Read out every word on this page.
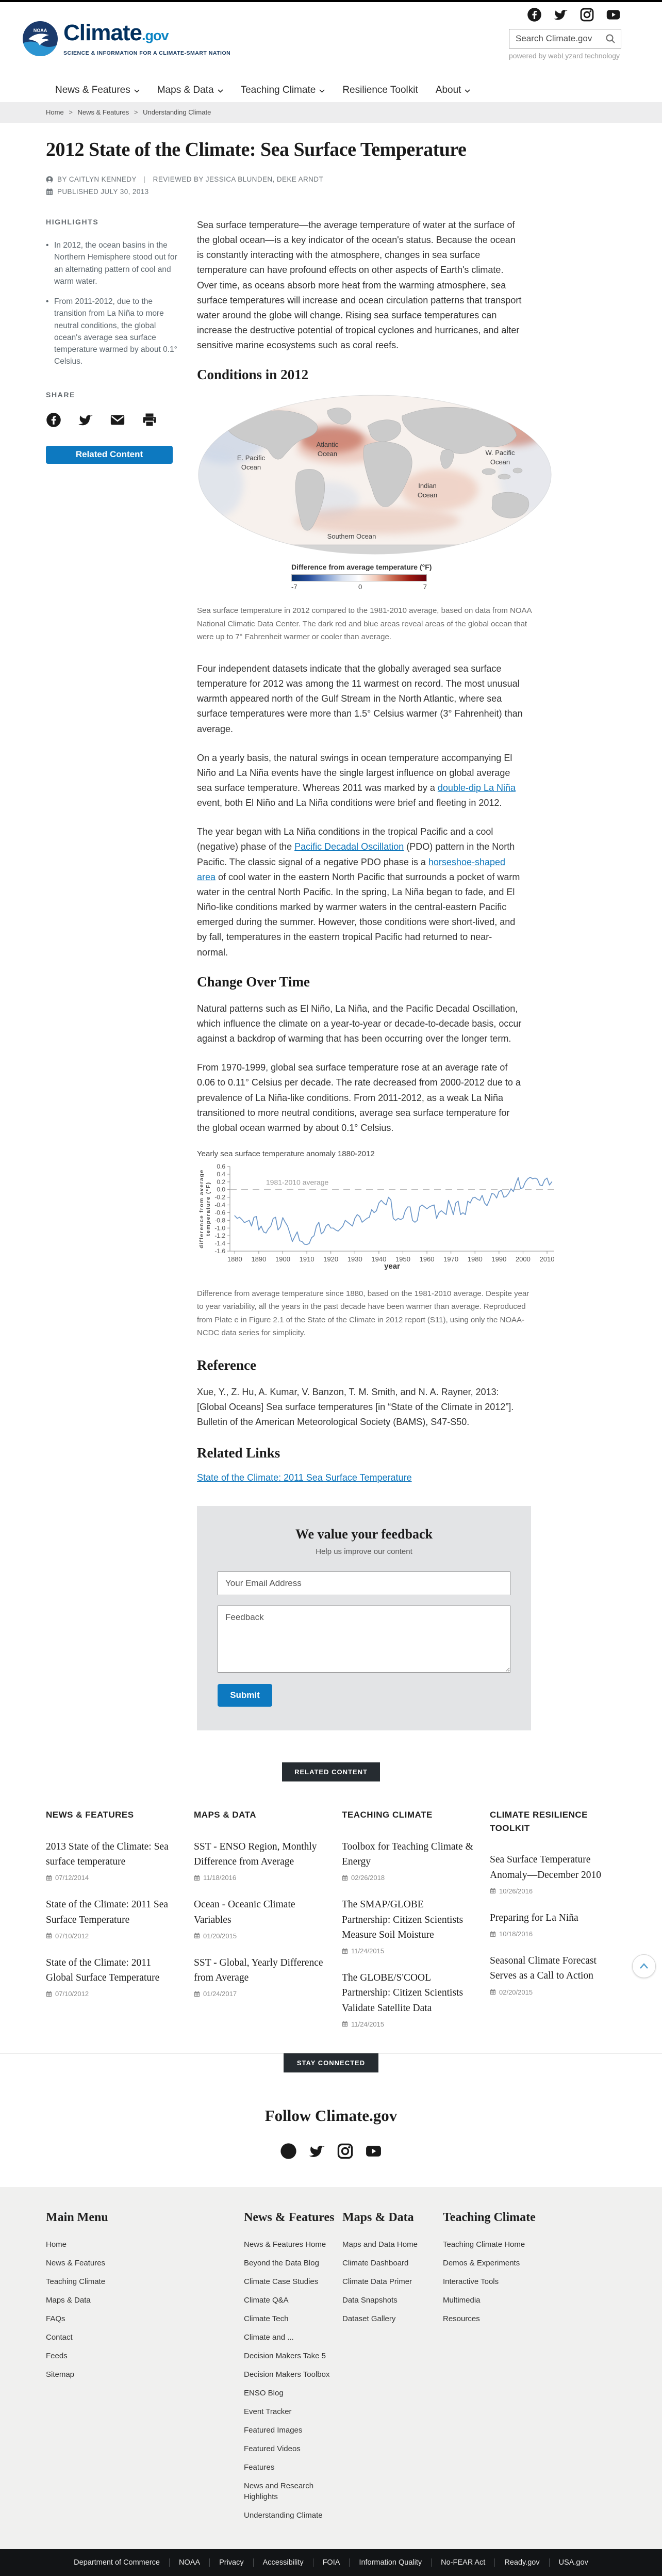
NOAA Climate.gov
SCIENCE & INFORMATION FOR A CLIMATE-SMART NATION
Search Climate.gov	powered by webLyzard technology
News & Features	Maps & Data	Teaching Climate	Resilience Toolkit About
Home > News & Features > Understanding Climate
2012 State of the Climate: Sea Surface Temperature
BY CAITLYN KENNEDY | REVIEWED BY JESSICA BLUNDEN, DEKE ARNDT
PUBLISHED JULY 30, 2013
HIGHLIGHTS
• In 2012, the ocean basins in the Northern Hemisphere stood out for an alternating pattern of cool and warm water.
• From 2011-2012, due to the transition from La Niña to more neutral conditions, the global ocean's average sea surface temperature warmed by about 0.1° Celsius.
SHARE
Related Content

Sea surface temperature—the average temperature of water at the surface of the global ocean—is a key indicator of the ocean's status. Because the ocean is constantly interacting with the atmosphere, changes in sea surface temperature can have profound effects on other aspects of Earth's climate. Over time, as oceans absorb more heat from the warming atmosphere, sea surface temperatures will increase and ocean circulation patterns that transport water around the globe will change. Rising sea surface temperatures can increase the destructive potential of tropical cyclones and hurricanes, and alter sensitive marine ecosystems such as coral reefs.

Conditions in 2012
E. Pacific
Ocean
Atlantic
Ocean	W. Pacific
Ocean
Indian
Ocean
Southern Ocean
Difference from average temperature (°F)
-7	0	7

Sea surface temperature in 2012 compared to the 1981-2010 average, based on data from NOAA National Climatic Data Center. The dark red and blue areas reveal areas of the global ocean that were up to 7° Fahrenheit warmer or cooler than average.

Four independent datasets indicate that the globally averaged sea surface temperature for 2012 was among the 11 warmest on record. The most unusual warmth appeared north of the Gulf Stream in the North Atlantic, where sea surface temperatures were more than 1.5° Celsius warmer (3° Fahrenheit) than average.

On a yearly basis, the natural swings in ocean temperature accompanying El Niño and La Niña events have the single largest influence on global average sea surface temperature. Whereas 2011 was marked by a double-dip La Niña event, both El Niño and La Niña conditions were brief and fleeting in 2012.

The year began with La Niña conditions in the tropical Pacific and a cool (negative) phase of the Pacific Decadal Oscillation (PDO) pattern in the North Pacific. The classic signal of a negative PDO phase is a horseshoe-shaped area of cool water in the eastern North Pacific that surrounds a pocket of warm water in the central North Pacific. In the spring, La Niña began to fade, and El Niño-like conditions marked by warmer waters in the central-eastern Pacific emerged during the summer. However, those conditions were short-lived, and by fall, temperatures in the eastern tropical Pacific had returned to near-normal.

Change Over Time

Natural patterns such as El Niño, La Niña, and the Pacific Decadal Oscillation, which influence the climate on a year-to-year or decade-to-decade basis, occur against a backdrop of warming that has been occurring over the longer term.

From 1970-1999, global sea surface temperature rose at an average rate of 0.06 to 0.11° Celsius per decade. The rate decreased from 2000-2012 due to a prevalence of La Niña-like conditions. From 2011-2012, as a weak La Niña transitioned to more neutral conditions, average sea surface temperature for the global ocean warmed by about 0.1° Celsius.

Yearly sea surface temperature anomaly 1880-2012
0.6
0.4
0.2
0.0
-0.2
-0.4
-0.6
-0.8
-1.0
-1.2
-1.4
-1.6
1880 1890 1900 1910 1920 1930 1940 1950 1960 1970 1980 1990 2000 2010
1981-2010 average
year
difference from average temperature (°F)

Difference from average temperature since 1880, based on the 1981-2010 average. Despite year to year variability, all the years in the past decade have been warmer than average. Reproduced from Plate e in Figure 2.1 of the State of the Climate in 2012 report (S11), using only the NOAA-NCDC data series for simplicity.

Reference

Xue, Y., Z. Hu, A. Kumar, V. Banzon, T. M. Smith, and N. A. Rayner, 2013: [Global Oceans] Sea surface temperatures [in “State of the Climate in 2012”]. Bulletin of the American Meteorological Society (BAMS), S47-S50.

Related Links
State of the Climate: 2011 Sea Surface Temperature
We value your feedback
Help us improve our content
Your Email Address
Feedback Submit
RELATED CONTENT
NEWS & FEATURES
2013 State of the Climate: Sea surface temperature
07/12/2014
State of the Climate: 2011 Sea Surface Temperature
07/10/2012
State of the Climate: 2011 Global Surface Temperature
07/10/2012
MAPS & DATA
SST - ENSO Region, Monthly Difference from Average
11/18/2016
Ocean - Oceanic Climate Variables
01/20/2015
SST - Global, Yearly Difference from Average
01/24/2017
TEACHING CLIMATE
Toolbox for Teaching Climate & Energy
02/26/2018
The SMAP/GLOBE Partnership: Citizen Scientists Measure Soil Moisture
11/24/2015
The GLOBE/S'COOL Partnership: Citizen Scientists Validate Satellite Data
11/24/2015
CLIMATE RESILIENCE TOOLKIT
Sea Surface Temperature Anomaly—December 2010
10/26/2016
Preparing for La Niña
10/18/2016
Seasonal Climate Forecast Serves as a Call to Action
02/20/2015
STAY CONNECTED
Follow Climate.gov
Main Menu
Home
News & Features
Teaching Climate
Maps & Data
FAQs
Contact
Feeds
Sitemap
News & Features
News & Features Home
Beyond the Data Blog
Climate Case Studies
Climate Q&A
Climate Tech
Climate and ...
Decision Makers Take 5
Decision Makers Toolbox
ENSO Blog
Event Tracker
Featured Images
Featured Videos
Features
News and Research Highlights
Understanding Climate
Maps & Data
Maps and Data Home
Climate Dashboard
Climate Data Primer
Data Snapshots
Dataset Gallery
Teaching Climate
Teaching Climate Home
Demos & Experiments
Interactive Tools
Multimedia
Resources
Department of Commerce	NOAA	Privacy	Accessibility	FOIA	Information Quality	No-FEAR Act	Ready.gov	USA.gov
